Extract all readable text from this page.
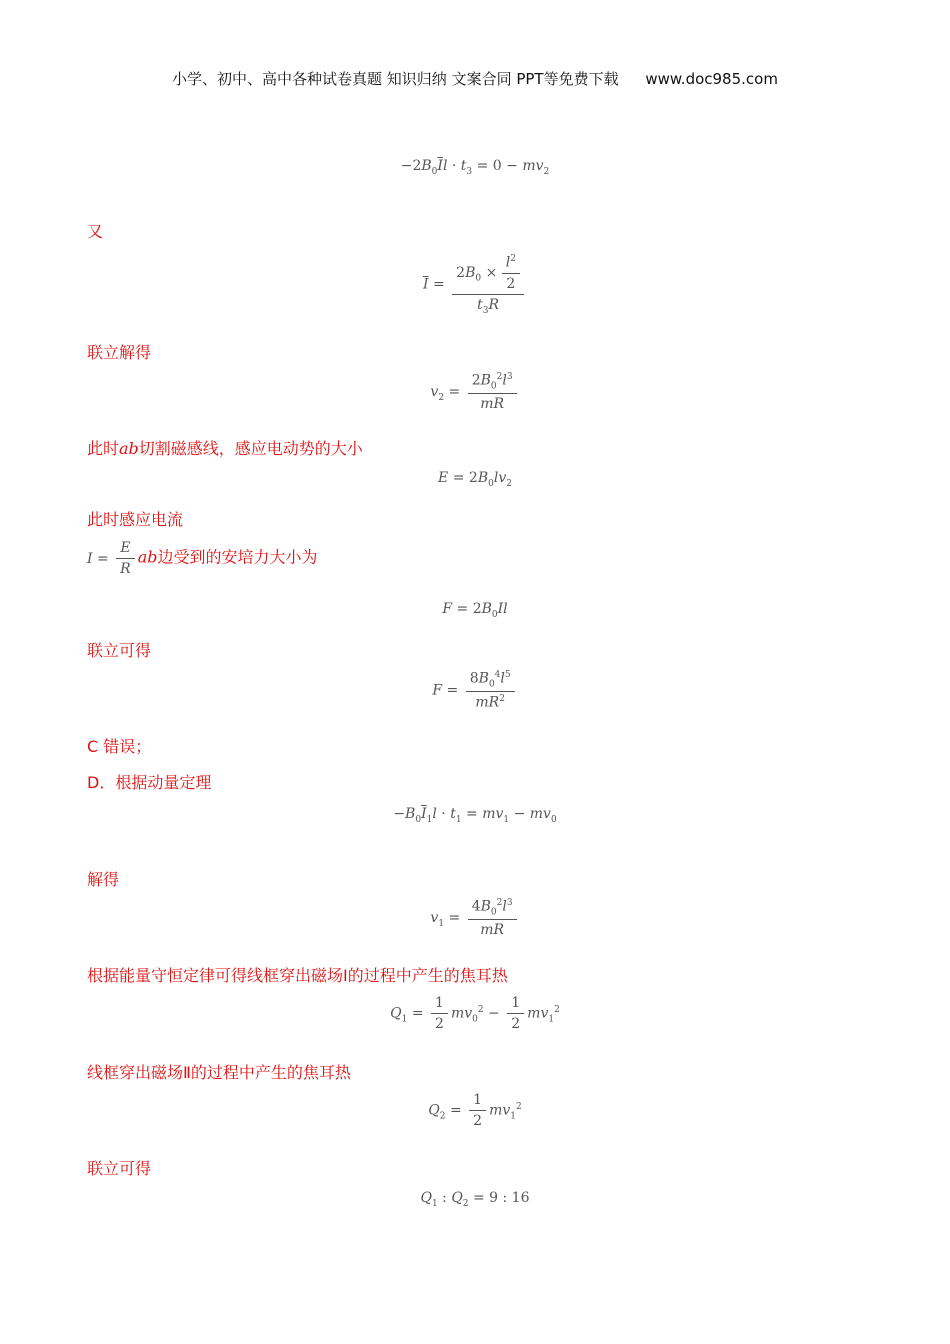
小学、初中、高中各种试卷真题 知识归纳 文案合同 PPT等免费下载 www.doc985.com
$-2B_0\overline{I}l \cdot t_3 = 0 - mv_2$
又
$\overline{I} = \frac{2B_0 \times \frac{l^2}{2}}{t_3R}$
联立解得
$v_2 = \frac{2B_0^2l^3}{mR}$
此时ab切割磁感线，感应电动势的大小
$E = 2B_0lv_2$
此时感应电流
$I = \frac{E}{R}$ ab边受到的安培力大小为
$F = 2B_0Il$
联立可得
$F = \frac{8B_0^4l^5}{mR^2}$
C 错误；
D．根据动量定理
$-B_0\overline{I}_1l \cdot t_1 = mv_1 - mv_0$
解得
$v_1 = \frac{4B_0^2l^3}{mR}$
根据能量守恒定律可得线框穿出磁场Ⅰ的过程中产生的焦耳热
$Q_1 = \frac{1}{2} mv_0^2 - \frac{1}{2} mv_1^2$
线框穿出磁场Ⅱ的过程中产生的焦耳热
$Q_2 = \frac{1}{2} mv_1^2$
联立可得
$Q_1$ : $Q_2 = 9$ : 16
